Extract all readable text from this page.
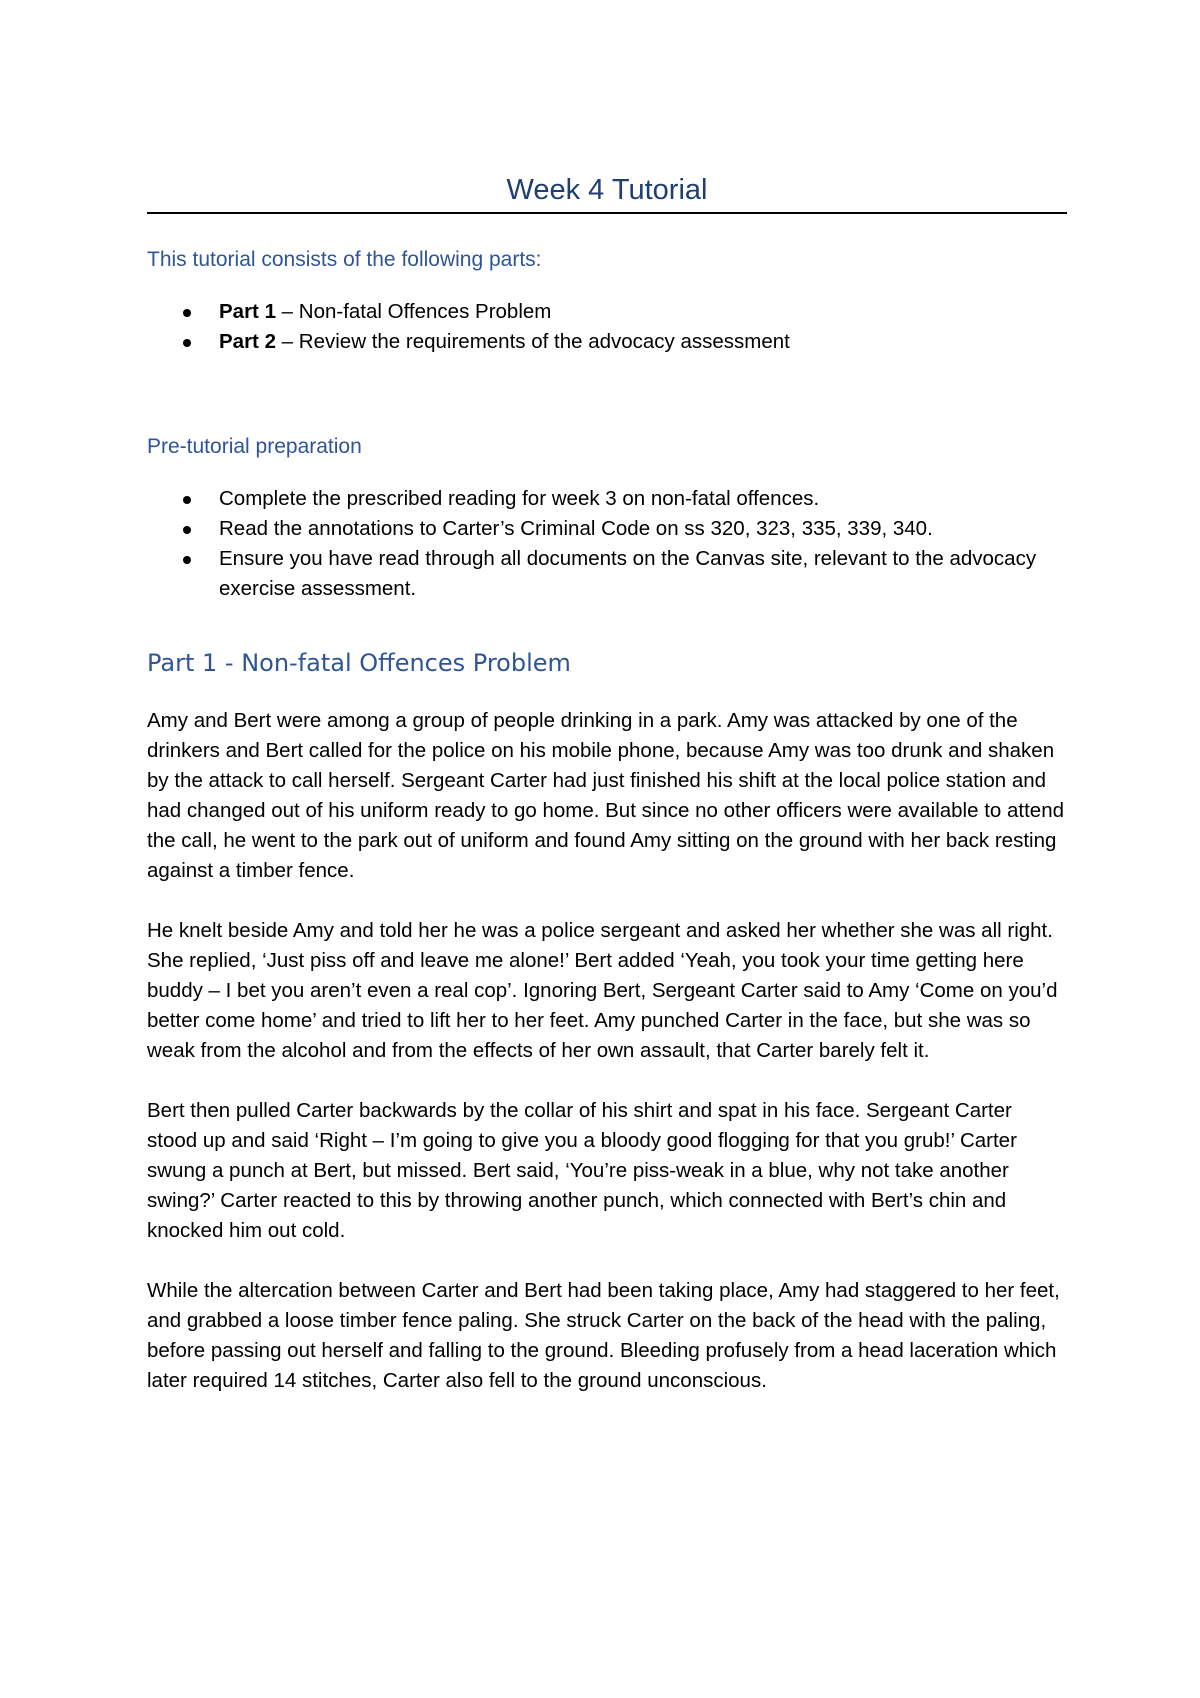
Week 4 Tutorial
This tutorial consists of the following parts:
Part 1 – Non-fatal Offences Problem
Part 2 – Review the requirements of the advocacy assessment
Pre-tutorial preparation
Complete the prescribed reading for week 3 on non-fatal offences.
Read the annotations to Carter’s Criminal Code on ss 320, 323, 335, 339, 340.
Ensure you have read through all documents on the Canvas site, relevant to the advocacy exercise assessment.
Part 1 - Non-fatal Offences Problem

Amy and Bert were among a group of people drinking in a park. Amy was attacked by one of the drinkers and Bert called for the police on his mobile phone, because Amy was too drunk and shaken by the attack to call herself. Sergeant Carter had just finished his shift at the local police station and had changed out of his uniform ready to go home. But since no other officers were available to attend the call, he went to the park out of uniform and found Amy sitting on the ground with her back resting against a timber fence.

He knelt beside Amy and told her he was a police sergeant and asked her whether she was all right. She replied, ‘Just piss off and leave me alone!’ Bert added ‘Yeah, you took your time getting here buddy – I bet you aren’t even a real cop’. Ignoring Bert, Sergeant Carter said to Amy ‘Come on you’d better come home’ and tried to lift her to her feet. Amy punched Carter in the face, but she was so weak from the alcohol and from the effects of her own assault, that Carter barely felt it.

Bert then pulled Carter backwards by the collar of his shirt and spat in his face. Sergeant Carter stood up and said ‘Right – I’m going to give you a bloody good flogging for that you grub!’ Carter swung a punch at Bert, but missed. Bert said, ‘You’re piss-weak in a blue, why not take another swing?’ Carter reacted to this by throwing another punch, which connected with Bert’s chin and knocked him out cold.

While the altercation between Carter and Bert had been taking place, Amy had staggered to her feet, and grabbed a loose timber fence paling. She struck Carter on the back of the head with the paling, before passing out herself and falling to the ground. Bleeding profusely from a head laceration which later required 14 stitches, Carter also fell to the ground unconscious.
